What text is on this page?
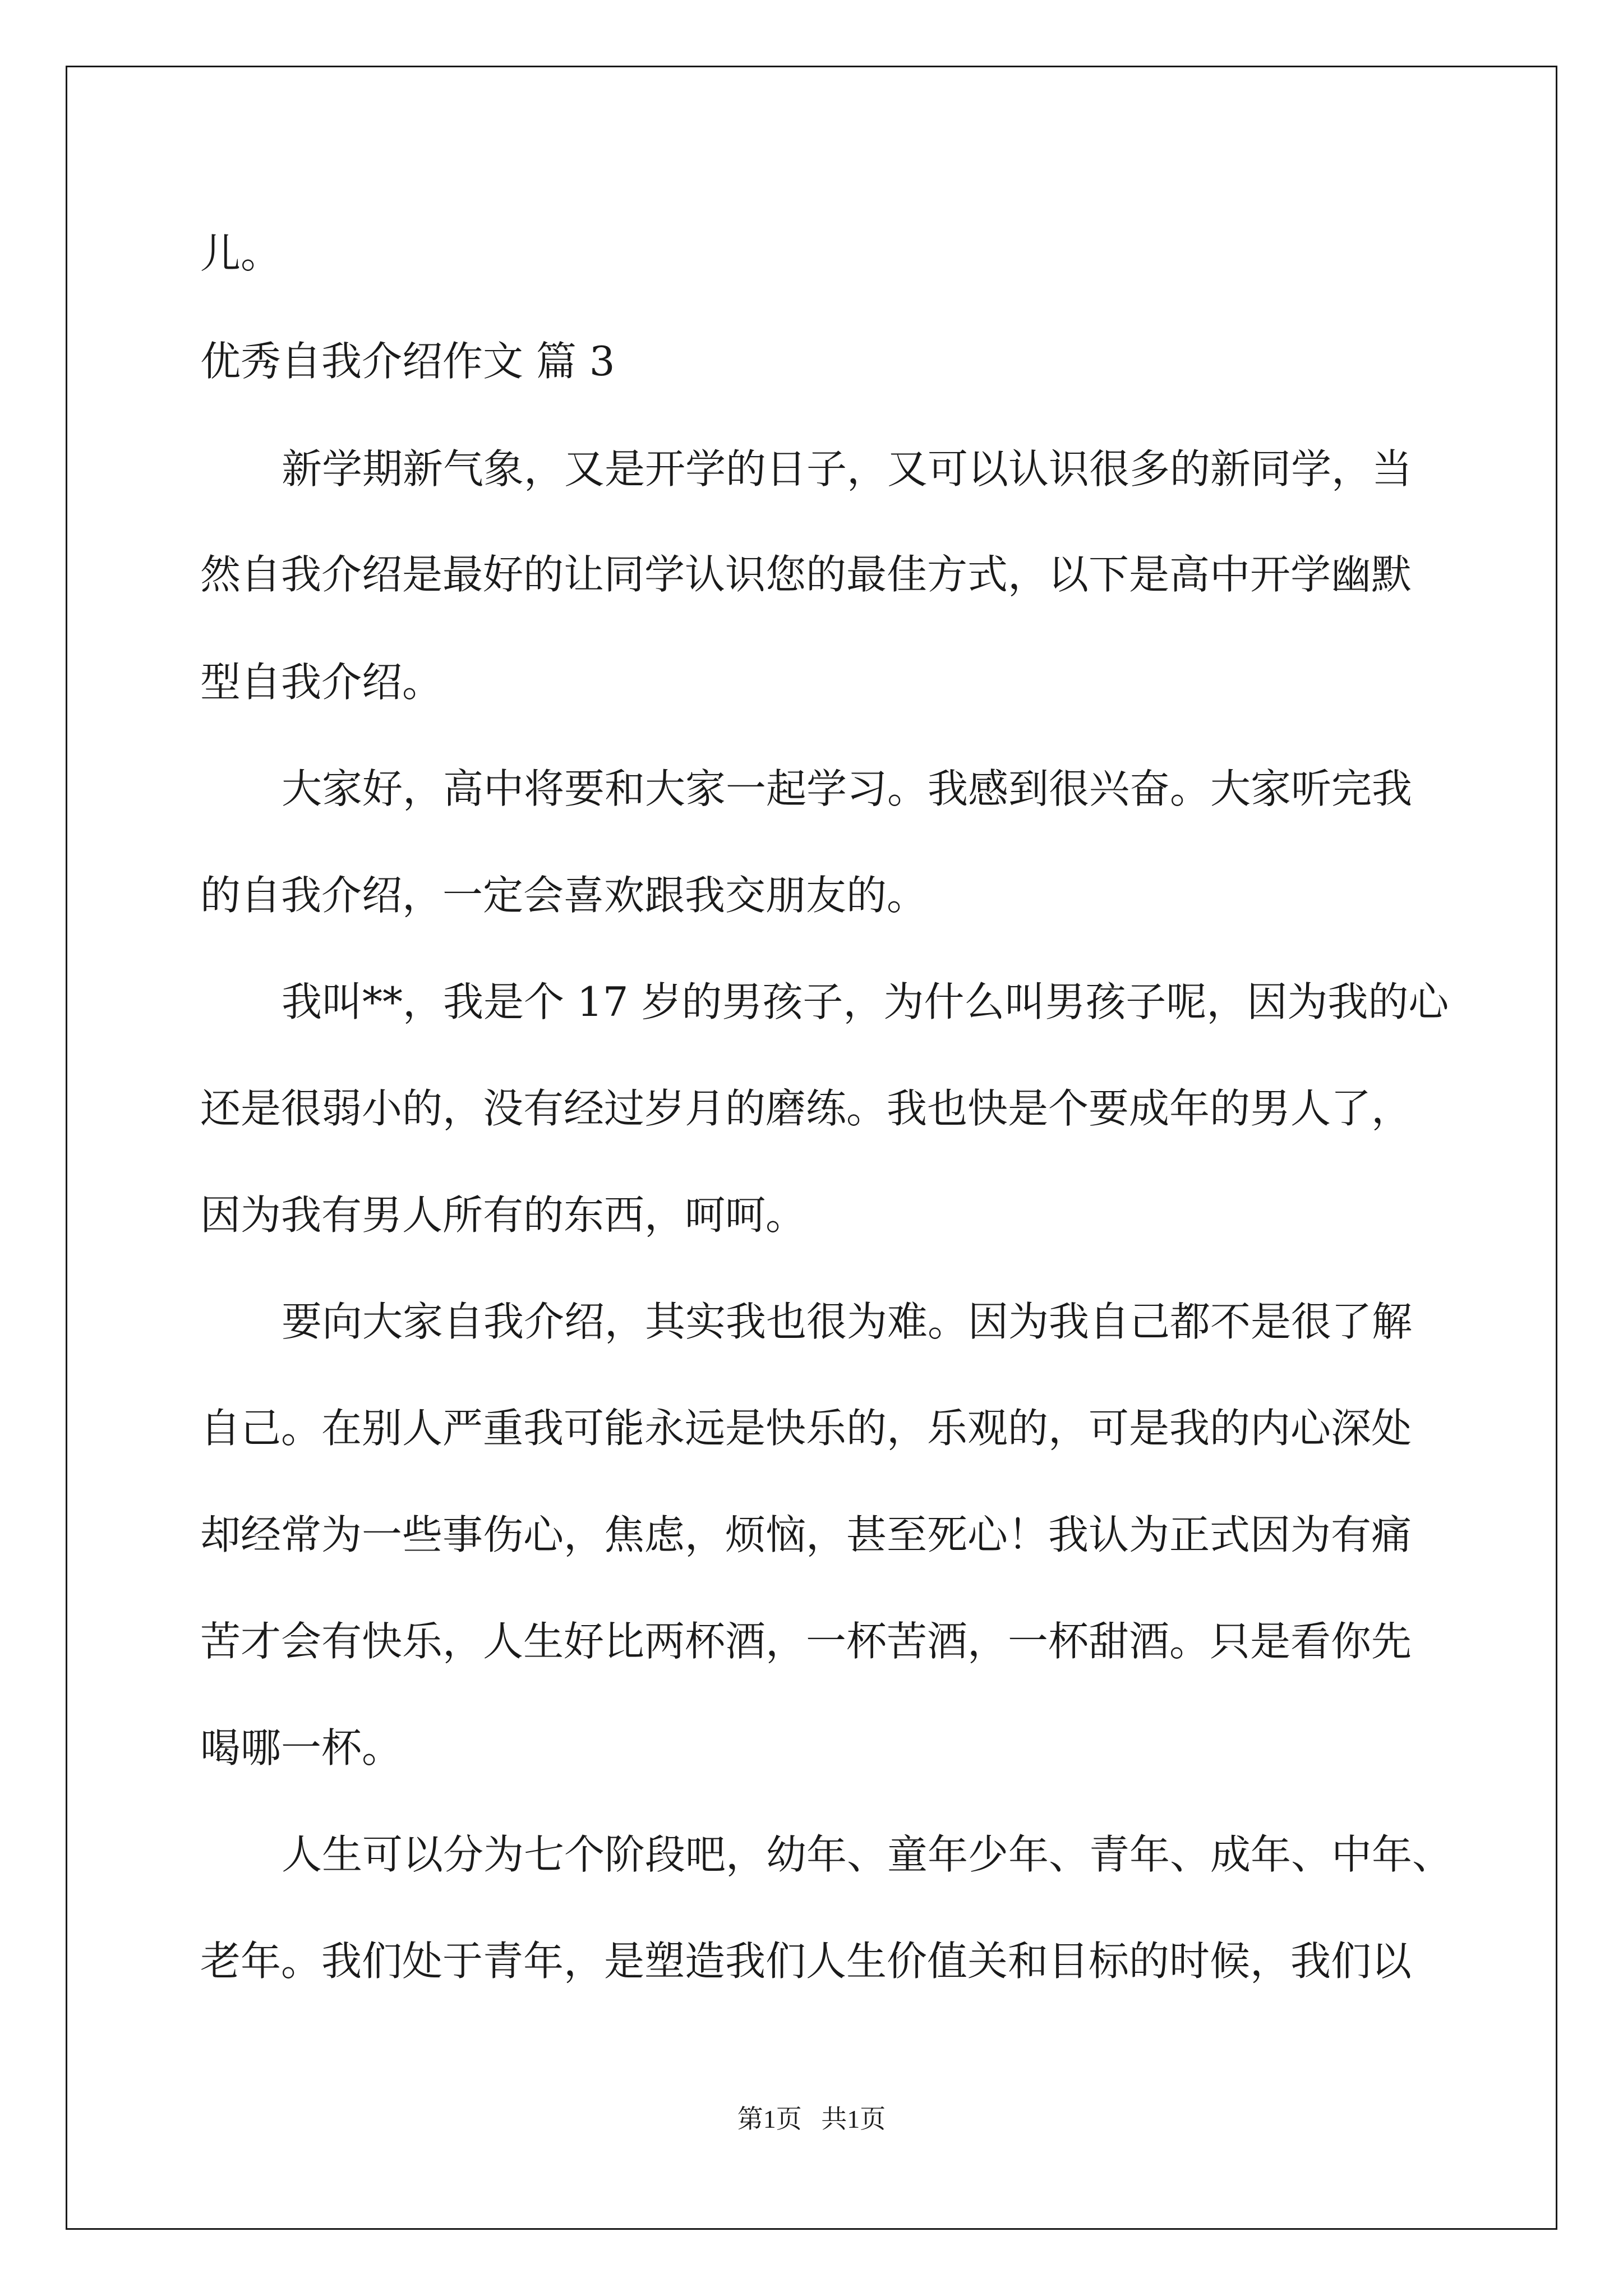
儿。

优秀自我介绍作文 篇 3

新学期新气象，又是开学的日子，又可以认识很多的新同学，当

然自我介绍是最好的让同学认识您的最佳方式，以下是高中开学幽默

型自我介绍。

大家好，高中将要和大家一起学习。我感到很兴奋。大家听完我

的自我介绍，一定会喜欢跟我交朋友的。

我叫**，我是个 17 岁的男孩子，为什么叫男孩子呢，因为我的心

还是很弱小的，没有经过岁月的磨练。我也快是个要成年的男人了，

因为我有男人所有的东西，呵呵。

要向大家自我介绍，其实我也很为难。因为我自己都不是很了解

自己。在别人严重我可能永远是快乐的，乐观的，可是我的内心深处

却经常为一些事伤心，焦虑，烦恼，甚至死心！我认为正式因为有痛

苦才会有快乐，人生好比两杯酒，一杯苦酒，一杯甜酒。只是看你先

喝哪一杯。

人生可以分为七个阶段吧，幼年、童年少年、青年、成年、中年、

老年。我们处于青年，是塑造我们人生价值关和目标的时候，我们以

第1页   共1页
